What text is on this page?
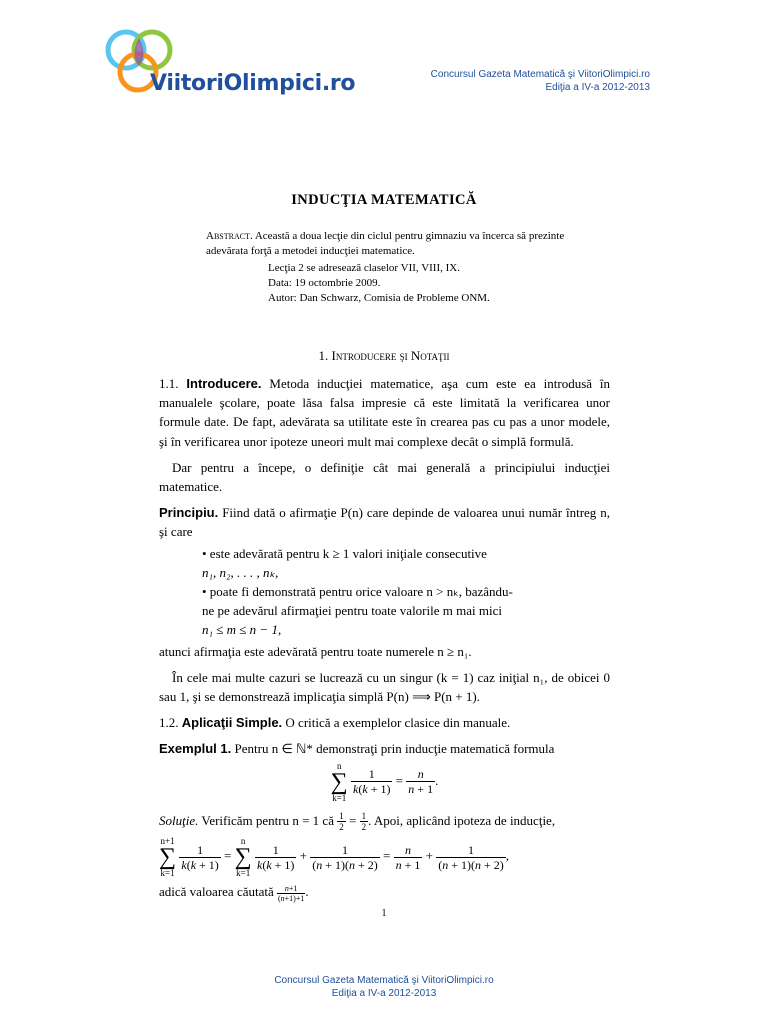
ViitoriOlimpici.ro	Concursul Gazeta Matematică şi ViitoriOlimpici.ro
Ediţia a IV-a 2012-2013
INDUCŢIA MATEMATICĂ
Abstract. Această a doua lecţie din ciclul pentru gimnaziu va încerca să prezinte adevărata forţă a metodei inducţiei matematice.
Lecţia 2 se adresează claselor VII, VIII, IX.
Data: 19 octombrie 2009.
Autor: Dan Schwarz, Comisia de Probleme ONM.
1. Introducere şi Notaţii

1.1. Introducere. Metoda inducţiei matematice, aşa cum este ea introdusă în manualele şcolare, poate lăsa falsa impresie că este limitată la verificarea unor formule date. De fapt, adevărata sa utilitate este în crearea pas cu pas a unor modele, şi în verificarea unor ipoteze uneori mult mai complexe decât o simplă formulă.

Dar pentru a începe, o definiţie cât mai generală a principiului inducţiei matematice.

Principiu. Fiind dată o afirmaţie P(n) care depinde de valoarea unui număr întreg n, şi care

• este adevărată pentru k ≥ 1 valori iniţiale consecutive
n₁, n₂, . . . , nₖ,
• poate fi demonstrată pentru orice valoare n > nₖ, bazându-
ne pe adevărul afirmaţiei pentru toate valorile m mai mici
n₁ ≤ m ≤ n − 1,

atunci afirmaţia este adevărată pentru toate numerele n ≥ n₁.

În cele mai multe cazuri se lucrează cu un singur (k = 1) caz iniţial n₁, de obicei 0 sau 1, şi se demonstrează implicaţia simplă P(n) ⟹ P(n + 1).

1.2. Aplicaţii Simple. O critică a exemplelor clasice din manuale.

Exemplul 1. Pentru n ∈ ℕ* demonstraţi prin inducţie matematică formula

n
∑
k=1
$\frac{1}{k(k + 1)} = \frac{n}{n + 1}$ .

Soluţie. Verificăm pentru n = 1 că $\frac{1}{2} = \frac{1}{2}$ . Apoi, aplicând ipoteza de inducţie,

n+1
∑
k=1
$\frac{1}{k(k + 1)} = n$
∑
k=1
$\frac{1}{k(k + 1)} + \frac{1}{(n + 1)(n + 2)} = \frac{n}{n + 1} + \frac{1}{(n + 1)(n + 2)}$ ,

adică valoarea căutată $\frac{n+1}{(n+1)+1}$ .

1
Concursul Gazeta Matematică şi ViitoriOlimpici.ro
Ediţia a IV-a 2012-2013
